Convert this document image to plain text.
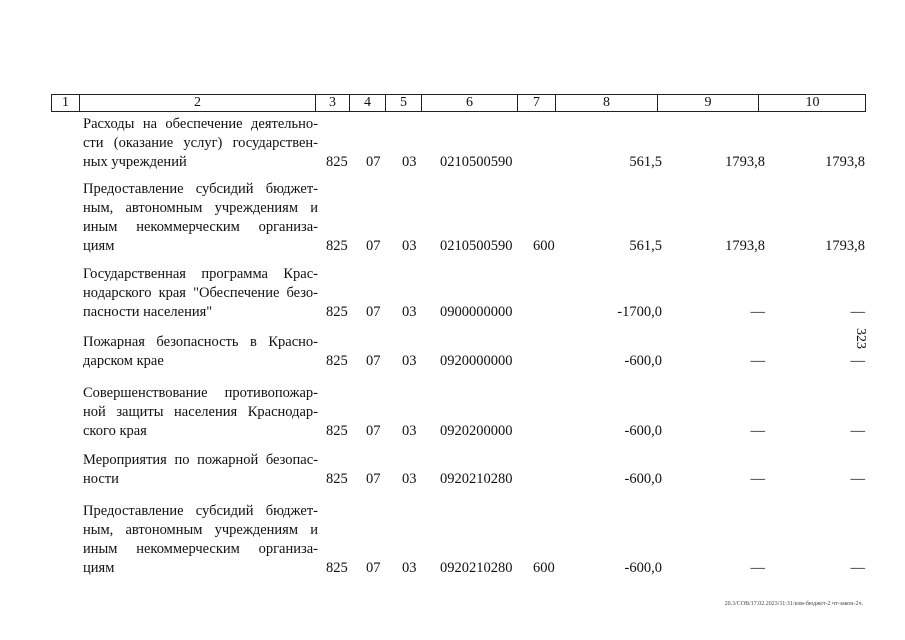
1	2	3	4	5	6	7	8	9	10
Расходы на обеспечение деятельно-
сти (оказание услуг) государствен-
ных учреждений	825 07 03 0210500590	561,5	1793,8	1793,8
Предоставление субсидий бюджет-
ным, автономным учреждениям и
иным некоммерческим организа-
циям	825 07 03 0210500590 600	561,5	1793,8	1793,8
Государственная программа Крас-
нодарского края "Обеспечение безо-
пасности населения"	825 07 03 0900000000	-1700,0	—	—
Пожарная безопасность в Красно-
дарском крае	825 07 03 0920000000	-600,0	—	—
Совершенствование противопожар-
ной защиты населения Краснодар-
ского края	825 07 03 0920200000	-600,0	—	—
Мероприятия по пожарной безопас-
ности	825 07 03 0920210280	-600,0	—	—
Предоставление субсидий бюджет-
ным, автономным учреждениям и
иным некоммерческим организа-
циям	825 07 03 0920210280 600	-600,0	—	—
323
20.3/СОВ/17.02.2023/11:31/изм-бюджет-2 чт-закон-2ч.
